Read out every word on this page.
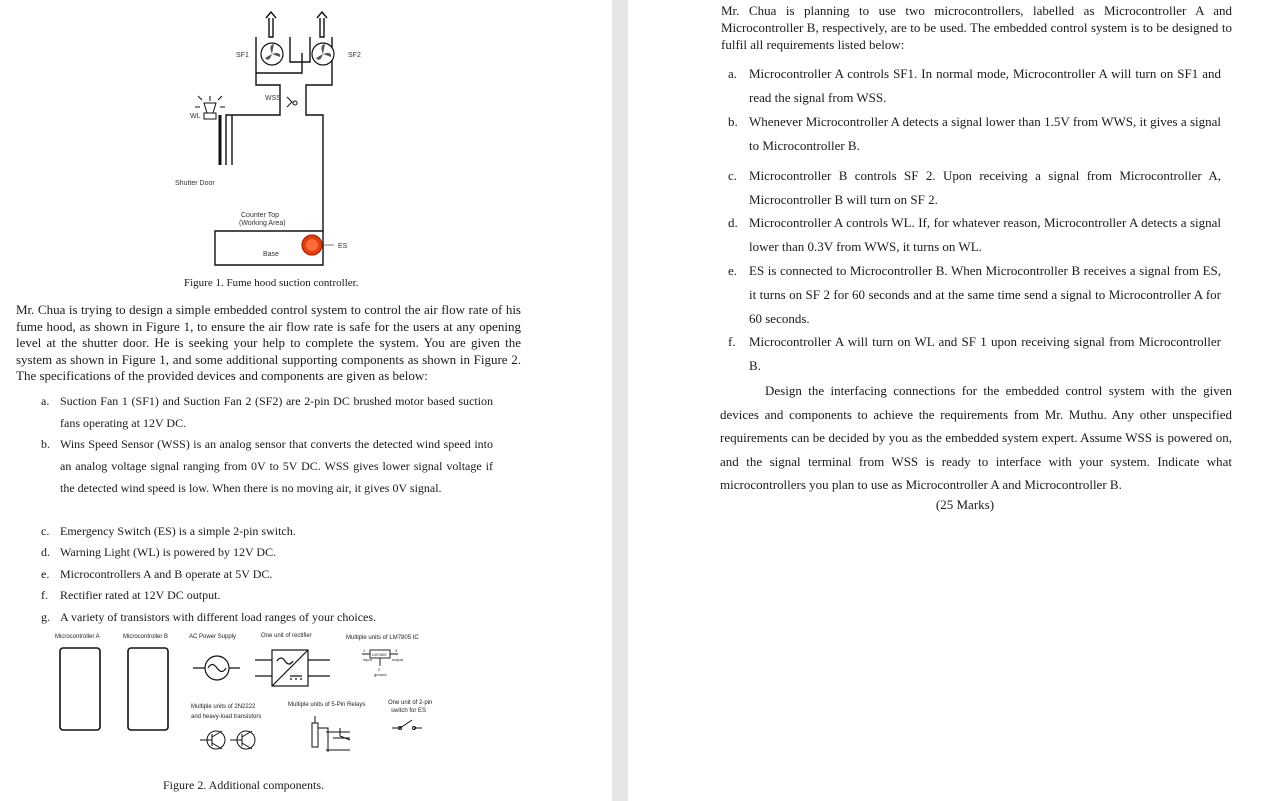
SF1	SF2
WSS
WL
Shutter Door
Counter Top
(Working Area)
Base
ES
Figure 1. Fume hood suction controller.

Mr. Chua is trying to design a simple embedded control system to control the air flow rate of his fume hood, as shown in Figure 1, to ensure the air flow rate is safe for the users at any opening level at the shutter door. He is seeking your help to complete the system. You are given the system as shown in Figure 1, and some additional supporting components as shown in Figure 2. The specifications of the provided devices and components are given as below:

a. Suction Fan 1 (SF1) and Suction Fan 2 (SF2) are 2-pin DC brushed motor based suction fans operating at 12V DC.
b. Wins Speed Sensor (WSS) is an analog sensor that converts the detected wind speed into an analog voltage signal ranging from 0V to 5V DC. WSS gives lower signal voltage if the detected wind speed is low. When there is no moving air, it gives 0V signal.
c. Emergency Switch (ES) is a simple 2-pin switch.
d. Warning Light (WL) is powered by 12V DC.
e. Microcontrollers A and B operate at 5V DC.
f.	Rectifier rated at 12V DC output.
g. A variety of transistors with different load ranges of your choices.
Microcontroller A	Microcontroller B	AC Power Supply	One unit of rectifier	Multiple units of LM7805 IC
LM7805
1	3
2
input	output
ground
Multiple units of 2N2222
and heavy-load transistors
Multiple units of 5-Pin Relays	One unit of 2-pin
switch for ES
Figure 2. Additional components.

Mr. Chua is planning to use two microcontrollers, labelled as Microcontroller A and Microcontroller B, respectively, are to be used. The embedded control system is to be designed to fulfil all requirements listed below:

a. Microcontroller A controls SF1. In normal mode, Microcontroller A will turn on SF1 and read the signal from WSS.
b. Whenever Microcontroller A detects a signal lower than 1.5V from WWS, it gives a signal to Microcontroller B.
c. Microcontroller B controls SF 2. Upon receiving a signal from Microcontroller A, Microcontroller B will turn on SF 2.
d. Microcontroller A controls WL. If, for whatever reason, Microcontroller A detects a signal lower than 0.3V from WWS, it turns on WL.
e. ES is connected to Microcontroller B. When Microcontroller B receives a signal from ES, it turns on SF 2 for 60 seconds and at the same time send a signal to Microcontroller A for 60 seconds.
f.	Microcontroller A will turn on WL and SF 1 upon receiving signal from Microcontroller B.

Design the interfacing connections for the embedded control system with the given devices and components to achieve the requirements from Mr. Muthu. Any other unspecified requirements can be decided by you as the embedded system expert. Assume WSS is powered on, and the signal terminal from WSS is ready to interface with your system. Indicate what microcontrollers you plan to use as Microcontroller A and Microcontroller B.

(25 Marks)
